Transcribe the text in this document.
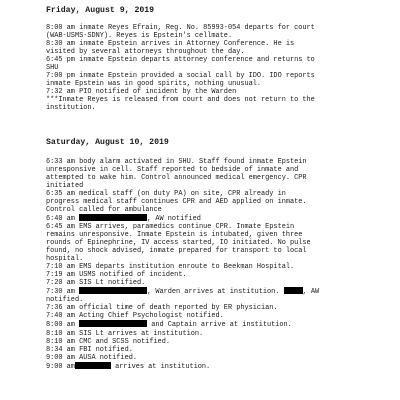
Friday, August 9, 2019

8:00 am inmate Reyes Efrain, Reg. No. 85993-054 departs for court

(WAB-USMS-SDNY). Reyes is Epstein's cellmate.

8:30 am inmate Epstein arrives in Attorney Conference. He is

visited by several attorneys throughout the day.

6:45 pm inmate Epstein departs attorney conference and returns to

SHU

7:00 pm inmate Epstein provided a social call by IDO. IDO reports

inmate Epstein was in good spirits, nothing unusual.

7:32 am PIO notified of incident by the Warden

***Inmate Reyes is released from court and does not return to the

institution.

Saturday, August 10, 2019

6:33 am body alarm activated in SHU. Staff found inmate Epstein

unresponsive in cell. Staff reported to bedside of inmate and

attempted to wake him. Control announced medical emergency. CPR

initiated

6:35 am medical staff (on duty PA) on site, CPR already in

progress medical staff continues CPR and AED applied on inmate.

Control called for ambulance

6:40 am	, AW notified

6:45 am EMS arrives, paramedics continue CPR. Inmate Epstein

remains unresponsive. Inmate Epstein is intubated, given three

rounds of Epinephrine, IV access started, IO initiated. No pulse

found, no shock advised, inmate prepared for transport to local

hospital.

7:10 am EMS departs institution enroute to Beekman Hospital.

7:19 am USMS notified of incident.

7:20 am SIS Lt notified.

7:30 am	, Warden arrives at institution.	, AW

notified.

7:36 am official time of death reported by ER physician.

7:40 am Acting Chief Psychologist notified.

8:00 am	and Captain arrive at institution.

8:10 am SIS Lt arrives at institution.

8:10 am CMC and SCSS notified.

8:34 am FBI notified.

9:00 am AUSA notified.

9:00 am	arrives at institution.
